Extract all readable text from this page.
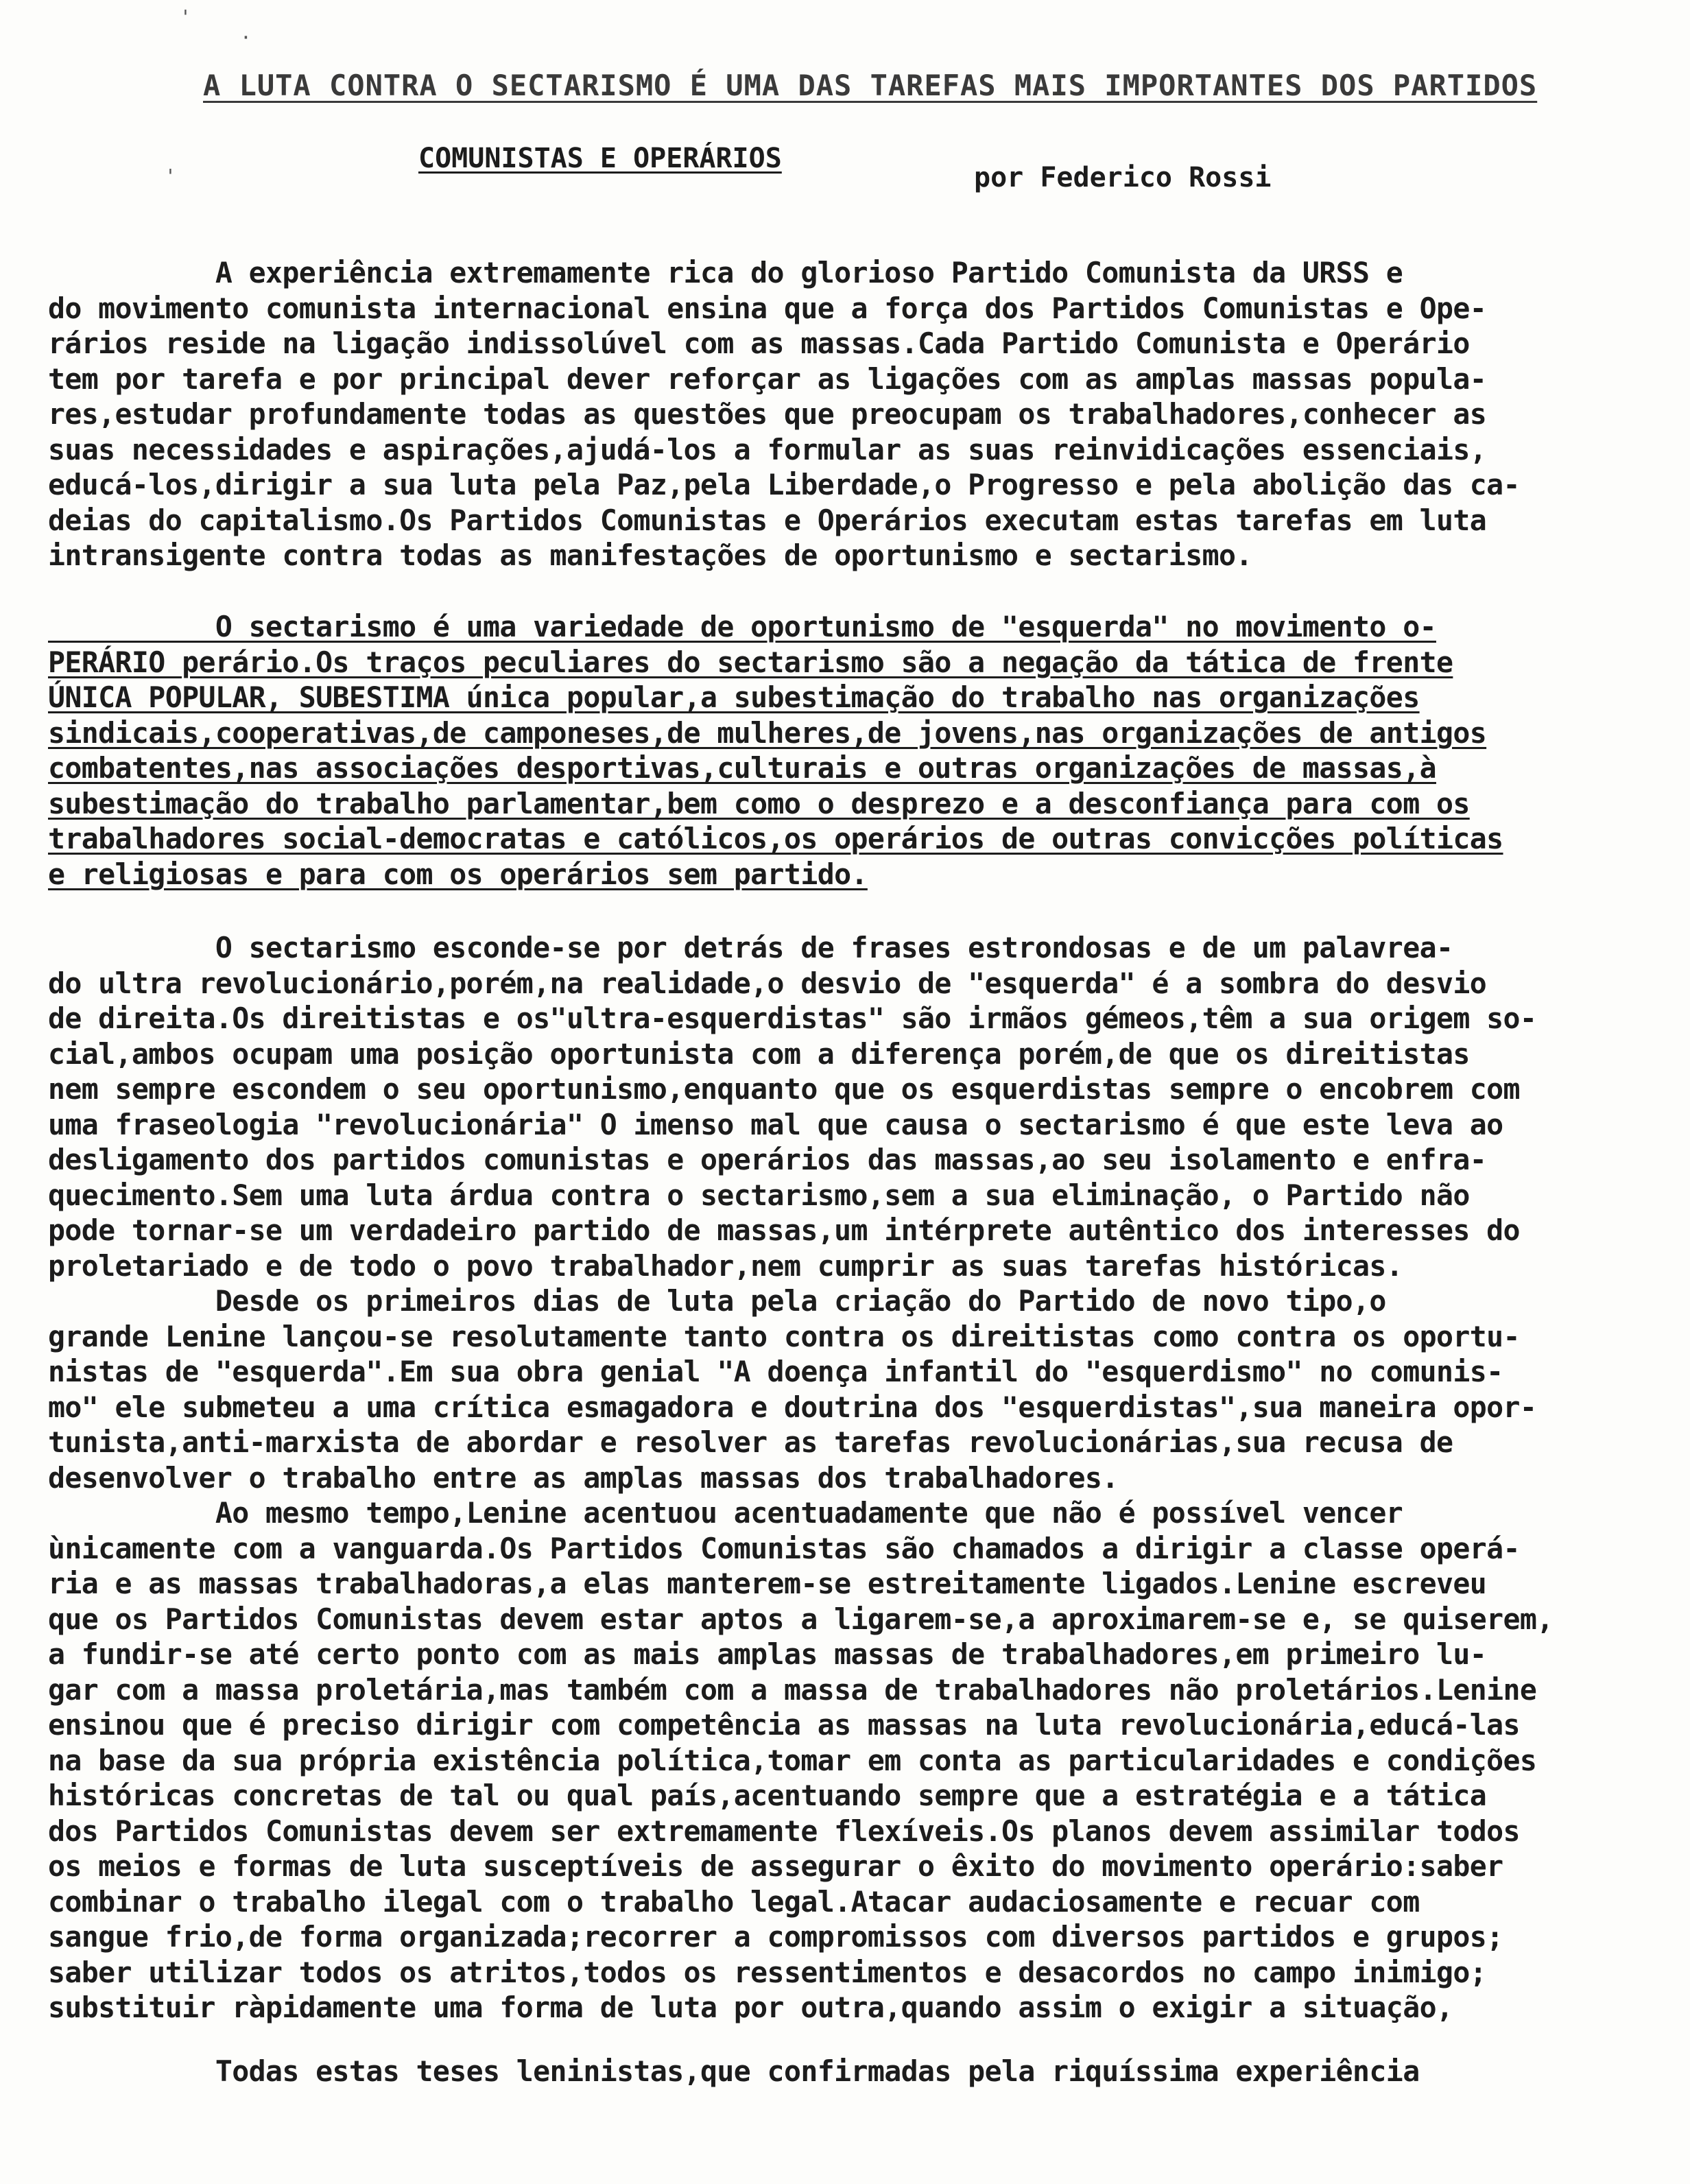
'
·
'
A LUTA CONTRA O SECTARISMO É UMA DAS TAREFAS MAIS IMPORTANTES DOS PARTIDOS
COMUNISTAS E OPERÁRIOS
por Federico Rossi
A experiência extremamente rica do glorioso Partido Comunista da URSS e
do movimento comunista internacional ensina que a força dos Partidos Comunistas e Ope-
rários reside na ligação indissolúvel com as massas.Cada Partido Comunista e Operário
tem por tarefa e por principal dever reforçar as ligações com as amplas massas popula-
res,estudar profundamente todas as questões que preocupam os trabalhadores,conhecer as
suas necessidades e aspirações,ajudá-los a formular as suas reinvidicações essenciais,
educá-los,dirigir a sua luta pela Paz,pela Liberdade,o Progresso e pela abolição das ca-
deias do capitalismo.Os Partidos Comunistas e Operários executam estas tarefas em luta
intransigente contra todas as manifestações de oportunismo e sectarismo.
O sectarismo é uma variedade de oportunismo de "esquerda" no movimento o-
PERÁRIO perário.Os traços peculiares do sectarismo são a negação da tática de frente
ÚNICA POPULAR, SUBESTIMA única popular,a subestimação do trabalho nas organizações
sindicais,cooperativas,de camponeses,de mulheres,de jovens,nas organizações de antigos
combatentes,nas associações desportivas,culturais e outras organizações de massas,à
subestimação do trabalho parlamentar,bem como o desprezo e a desconfiança para com os
trabalhadores social-democratas e católicos,os operários de outras convicções políticas
e religiosas e para com os operários sem partido.
O sectarismo esconde-se por detrás de frases estrondosas e de um palavrea-
do ultra revolucionário,porém,na realidade,o desvio de "esquerda" é a sombra do desvio
de direita.Os direitistas e os"ultra-esquerdistas" são irmãos gémeos,têm a sua origem so-
cial,ambos ocupam uma posição oportunista com a diferença porém,de que os direitistas
nem sempre escondem o seu oportunismo,enquanto que os esquerdistas sempre o encobrem com
uma fraseologia "revolucionária" O imenso mal que causa o sectarismo é que este leva ao
desligamento dos partidos comunistas e operários das massas,ao seu isolamento e enfra-
quecimento.Sem uma luta árdua contra o sectarismo,sem a sua eliminação, o Partido não
pode tornar-se um verdadeiro partido de massas,um intérprete autêntico dos interesses do
proletariado e de todo o povo trabalhador,nem cumprir as suas tarefas históricas.
Desde os primeiros dias de luta pela criação do Partido de novo tipo,o
grande Lenine lançou-se resolutamente tanto contra os direitistas como contra os oportu-
nistas de "esquerda".Em sua obra genial "A doença infantil do "esquerdismo" no comunis-
mo" ele submeteu a uma crítica esmagadora e doutrina dos "esquerdistas",sua maneira opor-
tunista,anti-marxista de abordar e resolver as tarefas revolucionárias,sua recusa de
desenvolver o trabalho entre as amplas massas dos trabalhadores.
Ao mesmo tempo,Lenine acentuou acentuadamente que não é possível vencer
ùnicamente com a vanguarda.Os Partidos Comunistas são chamados a dirigir a classe operá-
ria e as massas trabalhadoras,a elas manterem-se estreitamente ligados.Lenine escreveu
que os Partidos Comunistas devem estar aptos a ligarem-se,a aproximarem-se e, se quiserem,
a fundir-se até certo ponto com as mais amplas massas de trabalhadores,em primeiro lu-
gar com a massa proletária,mas também com a massa de trabalhadores não proletários.Lenine
ensinou que é preciso dirigir com competência as massas na luta revolucionária,educá-las
na base da sua própria existência política,tomar em conta as particularidades e condições
históricas concretas de tal ou qual país,acentuando sempre que a estratégia e a tática
dos Partidos Comunistas devem ser extremamente flexíveis.Os planos devem assimilar todos
os meios e formas de luta susceptíveis de assegurar o êxito do movimento operário:saber
combinar o trabalho ilegal com o trabalho legal.Atacar audaciosamente e recuar com
sangue frio,de forma organizada;recorrer a compromissos com diversos partidos e grupos;
saber utilizar todos os atritos,todos os ressentimentos e desacordos no campo inimigo;
substituir ràpidamente uma forma de luta por outra,quando assim o exigir a situação,
Todas estas teses leninistas,que confirmadas pela riquíssima experiência
